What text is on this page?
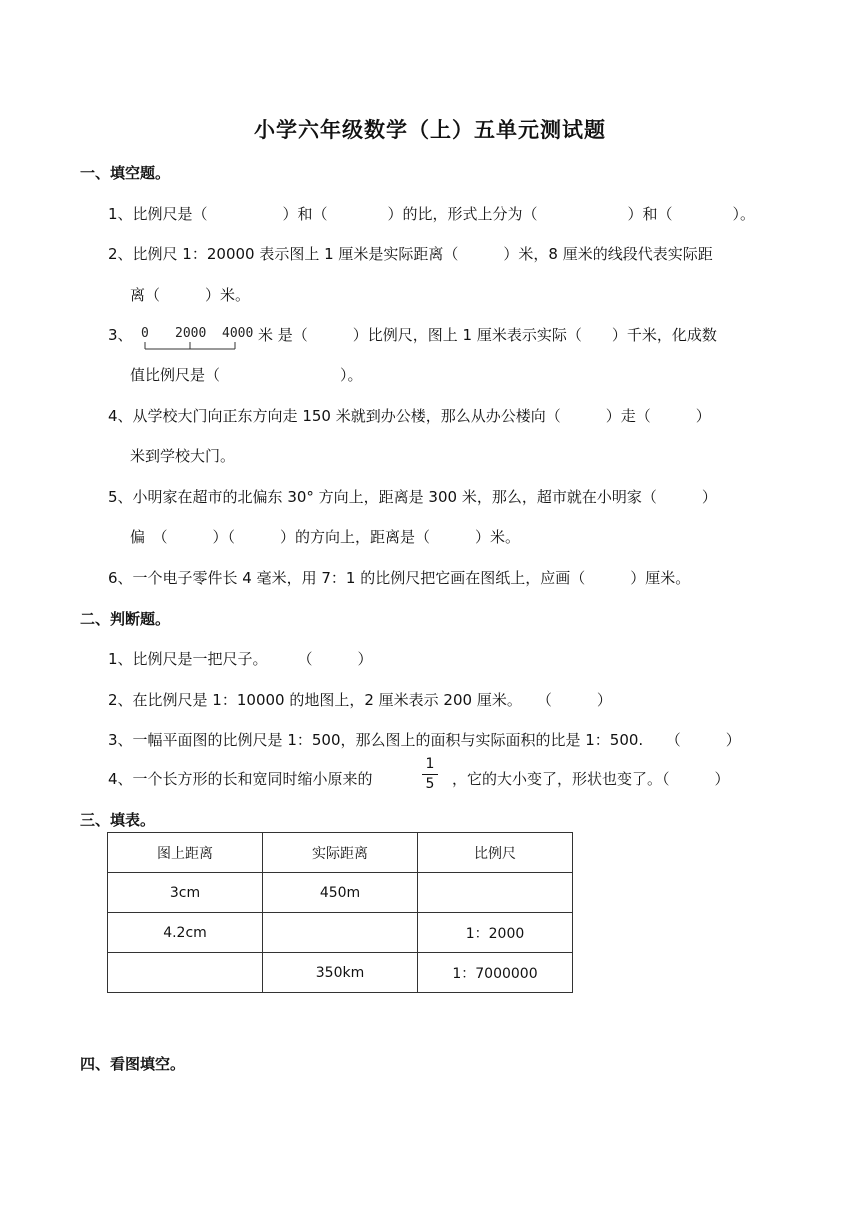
小学六年级数学（上）五单元测试题
一、填空题。
1、比例尺是（　　　　　）和（　　　　）的比，形式上分为（　　　　　　）和（　　　　）。
2、比例尺 1：20000 表示图上 1 厘米是实际距离（　　　）米，8 厘米的线段代表实际距
离（　　　）米。
3、 0 2000 4000 米 是（　　　）比例尺，图上 1 厘米表示实际（　　）千米，化成数
值比例尺是（　　　　　　　　）。
4、从学校大门向正东方向走 150 米就到办公楼，那么从办公楼向（　　　）走（　　　）
米到学校大门。
5、小明家在超市的北偏东 30° 方向上，距离是 300 米，那么，超市就在小明家（　　　）
偏　（　　　）（　　　）的方向上，距离是（　　　）米。
6、一个电子零件长 4 毫米，用 7：1 的比例尺把它画在图纸上，应画（　　　）厘米。
二、判断题。
1、比例尺是一把尺子。　　　（　　　）
2、在比例尺是 1：10000 的地图上，2 厘米表示 200 厘米。　　（　　　）
3、一幅平面图的比例尺是 1：500，那么图上的面积与实际面积的比是 1：500.　　（　　　）
4、一个长方形的长和宽同时缩小原来的
1
5	，它的大小变了，形状也变了。（　　　）
三、填表。
图上距离	实际距离	比例尺
3cm	450m	
4.2cm		1：2000
	350km	1：7000000
四、看图填空。
